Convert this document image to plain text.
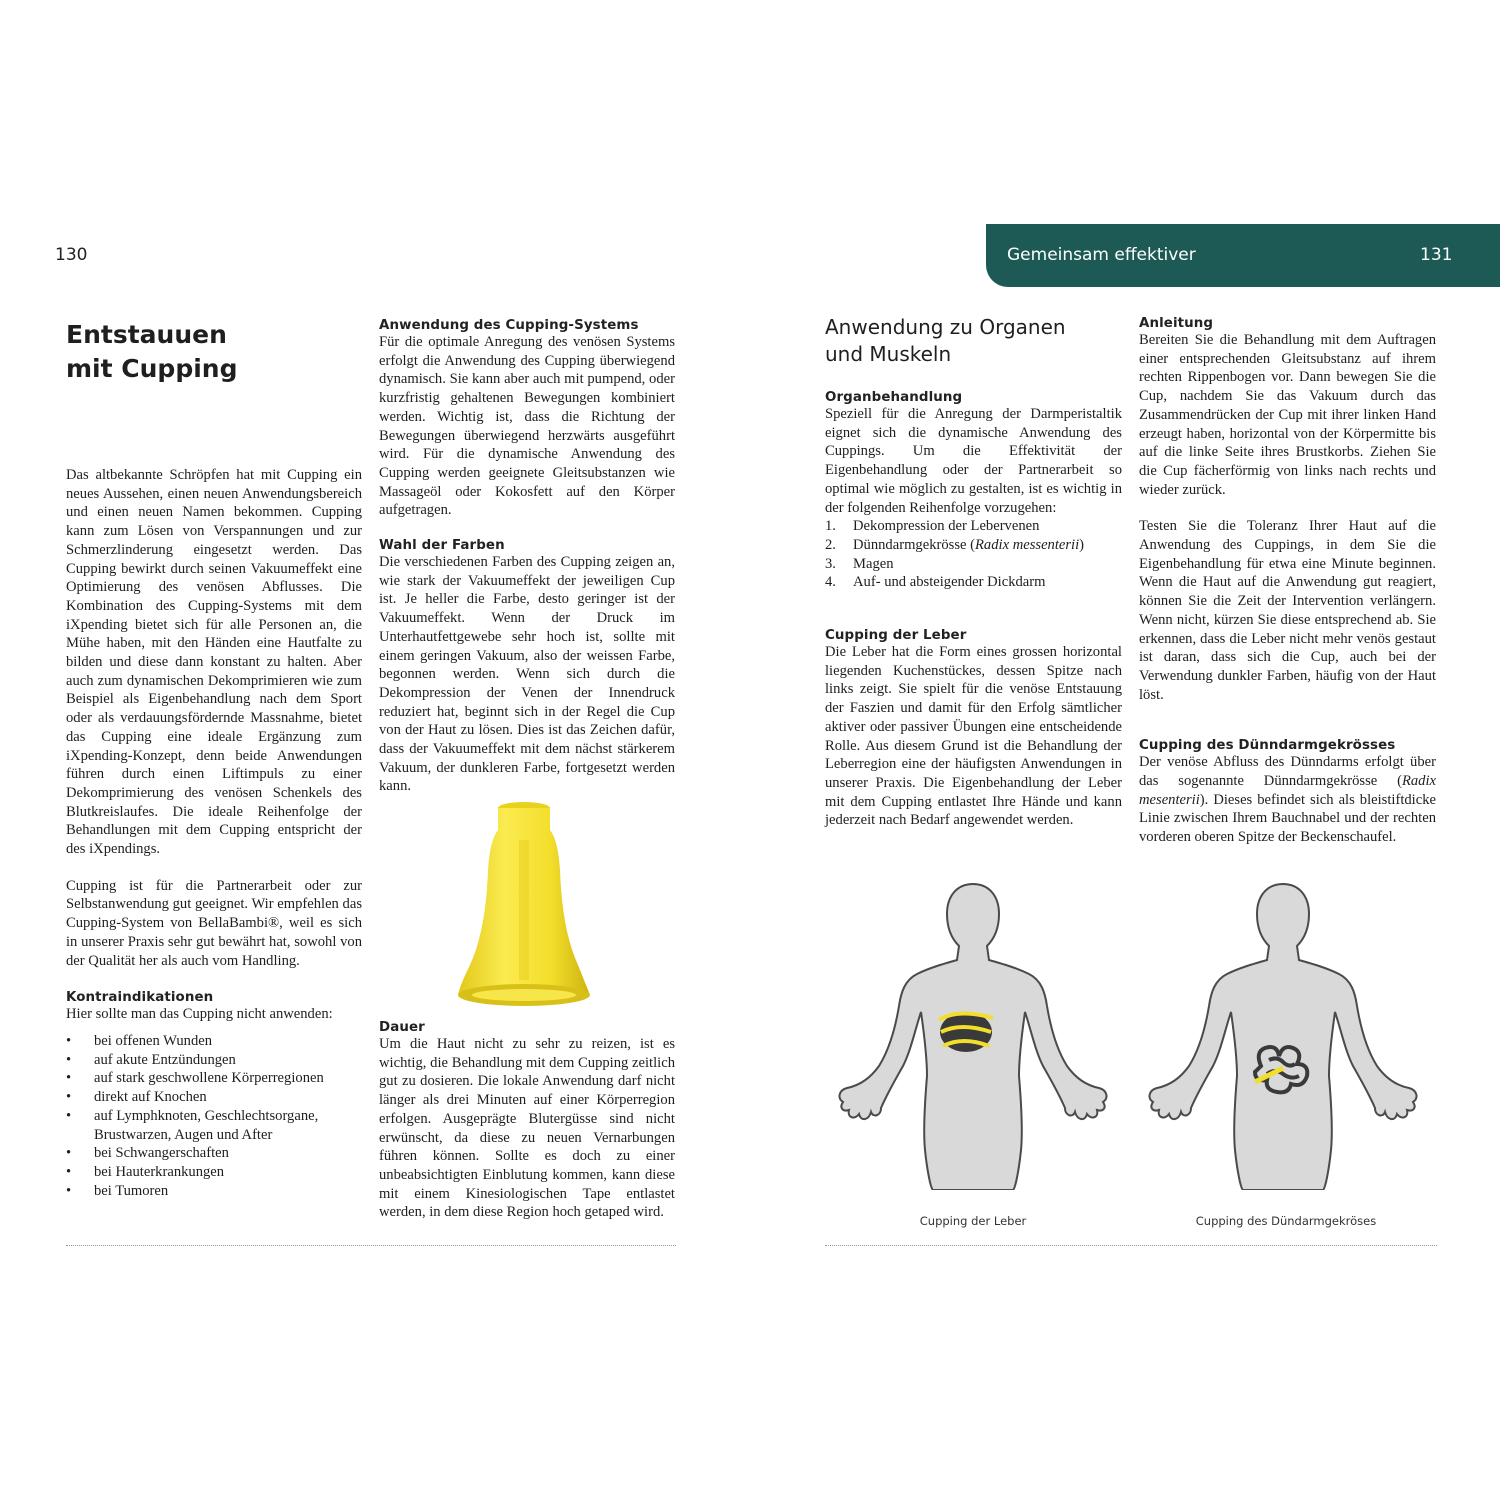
130
Entstauuen
mit Cupping

Das altbekannte Schröpfen hat mit Cupping ein neues Aussehen, einen neuen Anwendungsbereich und einen neuen Namen bekommen. Cupping kann zum Lösen von Verspannungen und zur Schmerzlinderung eingesetzt werden. Das Cupping bewirkt durch seinen Vakuumeffekt eine Optimierung des venösen Abflusses. Die Kombination des Cupping-Systems mit dem iXpending bietet sich für alle Personen an, die Mühe haben, mit den Händen eine Hautfalte zu bilden und diese dann konstant zu halten. Aber auch zum dynamischen Dekomprimieren wie zum Beispiel als Eigenbehandlung nach dem Sport oder als verdauungsfördernde Massnahme, bietet das Cupping eine ideale Ergänzung zum iXpending-Konzept, denn beide Anwendungen führen durch einen Liftimpuls zu einer Dekomprimierung des venösen Schenkels des Blutkreislaufes. Die ideale Reihenfolge der Behandlungen mit dem Cupping entspricht der des iXpendings.

Cupping ist für die Partnerarbeit oder zur Selbstanwendung gut geeignet. Wir empfehlen das Cupping-System von BellaBambi®, weil es sich in unserer Praxis sehr gut bewährt hat, sowohl von der Qualität her als auch vom Handling.

Kontraindikationen

Hier sollte man das Cupping nicht anwenden:

• bei offenen Wunden
• auf akute Entzündungen
• auf stark geschwollene Körperregionen
• direkt auf Knochen
• auf Lymphknoten, Geschlechtsorgane, Brustwarzen, Augen und After
• bei Schwangerschaften
• bei Hauterkrankungen
• bei Tumoren

Anwendung des Cupping-Systems

Für die optimale Anregung des venösen Systems erfolgt die Anwendung des Cupping überwiegend dynamisch. Sie kann aber auch mit pumpend, oder kurzfristig gehaltenen Bewegungen kombiniert werden. Wichtig ist, dass die Richtung der Bewegungen überwiegend herzwärts ausgeführt wird. Für die dynamische Anwendung des Cupping werden geeignete Gleitsubstanzen wie Massageöl oder Kokosfett auf den Körper aufgetragen.

Wahl der Farben

Die verschiedenen Farben des Cupping zeigen an, wie stark der Vakuumeffekt der jeweiligen Cup ist. Je heller die Farbe, desto geringer ist der Vakuumeffekt. Wenn der Druck im Unterhautfettgewebe sehr hoch ist, sollte mit einem geringen Vakuum, also der weissen Farbe, begonnen werden. Wenn sich durch die Dekompression der Venen der Innendruck reduziert hat, beginnt sich in der Regel die Cup von der Haut zu lösen. Dies ist das Zeichen dafür, dass der Vakuumeffekt mit dem nächst stärkerem Vakuum, der dunkleren Farbe, fortgesetzt werden kann.

Dauer

Um die Haut nicht zu sehr zu reizen, ist es wichtig, die Behandlung mit dem Cupping zeitlich gut zu dosieren. Die lokale Anwendung darf nicht länger als drei Minuten auf einer Körperregion erfolgen. Ausgeprägte Blutergüsse sind nicht erwünscht, da diese zu neuen Vernarbungen führen können. Sollte es doch zu einer unbeabsichtigten Einblutung kommen, kann diese mit einem Kinesiologischen Tape entlastet werden, in dem diese Region hoch getaped wird.

Gemeinsam effektiver	131
Anwendung zu Organen
und Muskeln

Organbehandlung

Speziell für die Anregung der Darmperistaltik eignet sich die dynamische Anwendung des Cuppings. Um die Effektivität der Eigenbehandlung oder der Partnerarbeit so optimal wie möglich zu gestalten, ist es wichtig in der folgenden Reihenfolge vorzugehen:

1. Dekompression der Lebervenen
2. Dünndarmgekrösse (Radix messenterii)
3. Magen
4. Auf- und absteigender Dickdarm

Cupping der Leber

Die Leber hat die Form eines grossen horizontal liegenden Kuchenstückes, dessen Spitze nach links zeigt. Sie spielt für die venöse Entstauung der Faszien und damit für den Erfolg sämtlicher aktiver oder passiver Übungen eine entscheidende Rolle. Aus diesem Grund ist die Behandlung der Leberregion eine der häufigsten Anwendungen in unserer Praxis. Die Eigenbehandlung der Leber mit dem Cupping entlastet Ihre Hände und kann jederzeit nach Bedarf angewendet werden.

Anleitung

Bereiten Sie die Behandlung mit dem Auftragen einer entsprechenden Gleitsubstanz auf ihrem rechten Rippenbogen vor. Dann bewegen Sie die Cup, nachdem Sie das Vakuum durch das Zusammendrücken der Cup mit ihrer linken Hand erzeugt haben, horizontal von der Körpermitte bis auf die linke Seite ihres Brustkorbs. Ziehen Sie die Cup fächerförmig von links nach rechts und wieder zurück.

Testen Sie die Toleranz Ihrer Haut auf die Anwendung des Cuppings, in dem Sie die Eigenbehandlung für etwa eine Minute beginnen. Wenn die Haut auf die Anwendung gut reagiert, können Sie die Zeit der Intervention verlängern. Wenn nicht, kürzen Sie diese entsprechend ab. Sie erkennen, dass die Leber nicht mehr venös gestaut ist daran, dass sich die Cup, auch bei der Verwendung dunkler Farben, häufig von der Haut löst.

Cupping des Dünndarmgekrösses

Der venöse Abfluss des Dünndarms erfolgt über das sogenannte Dünndarmgekrösse (Radix mesenterii). Dieses befindet sich als bleistiftdicke Linie zwischen Ihrem Bauchnabel und der rechten vorderen oberen Spitze der Beckenschaufel.

Cupping der Leber	Cupping des Dündarmgekröses
